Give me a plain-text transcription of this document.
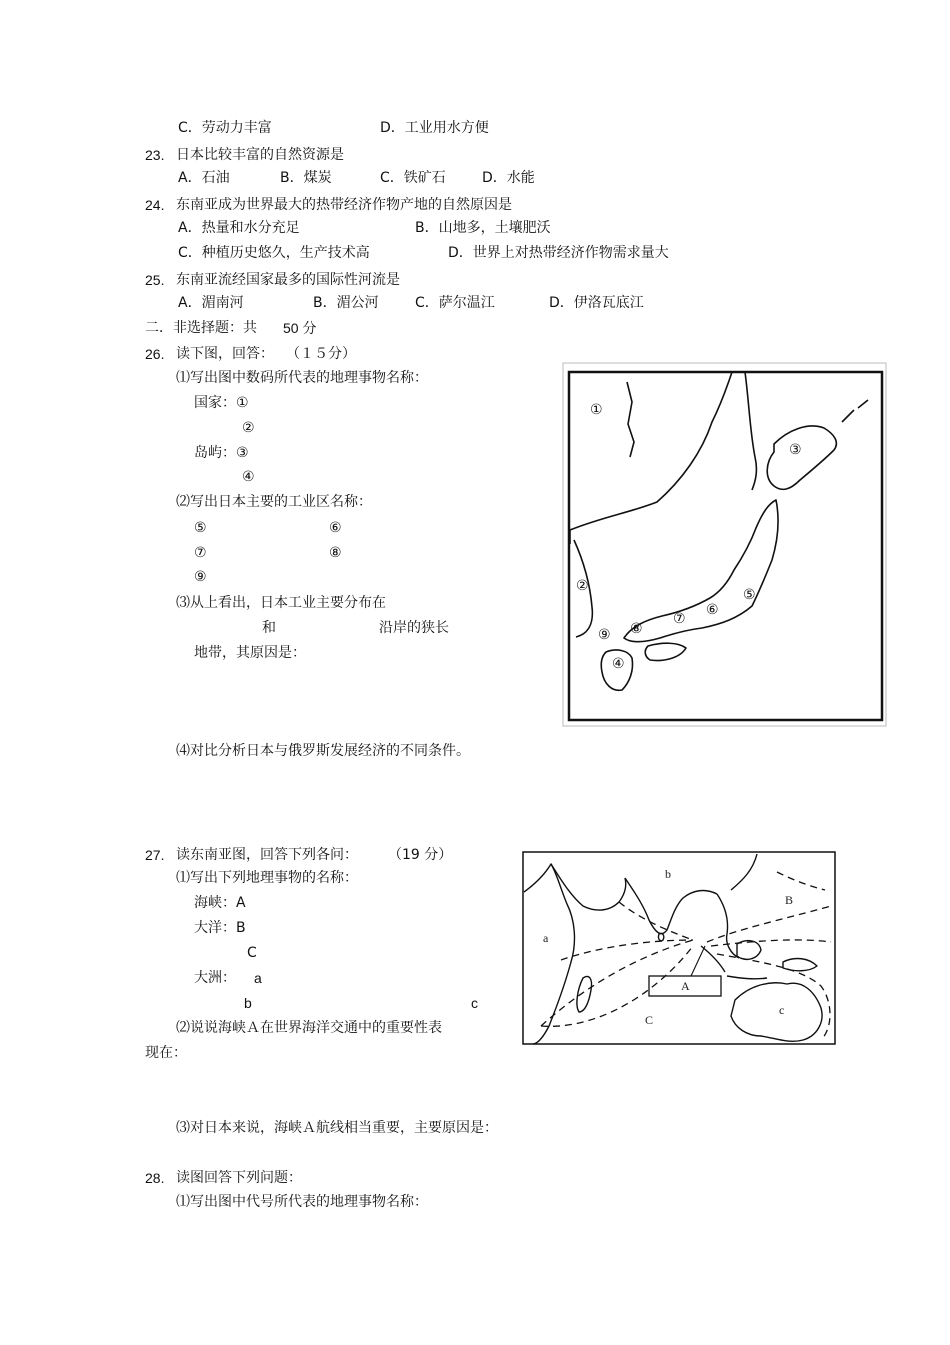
C．劳动力丰富	D．工业用水方便
23. 日本比较丰富的自然资源是
A．石油	B．煤炭	C．铁矿石	D．水能
24. 东南亚成为世界最大的热带经济作物产地的自然原因是
A．热量和水分充足	B．山地多，土壤肥沃
C．种植历史悠久，生产技术高	D．世界上对热带经济作物需求量大
25. 东南亚流经国家最多的国际性河流是
A．湄南河	B．湄公河	C．萨尔温江	D．伊洛瓦底江
二．非选择题：共 50 分
26. 读下图，回答： （１５分）
⑴写出图中数码所代表的地理事物名称：
国家：①
②
岛屿：③
④
⑵写出日本主要的工业区名称：
⑤	⑥
⑦	⑧
⑨
⑶从上看出，日本工业主要分布在
和	沿岸的狭长
地带，其原因是：
⑷对比分析日本与俄罗斯发展经济的不同条件。
①
②
③
④
⑤
⑥
⑦
⑧
⑨
27. 读东南亚图，回答下列各问： （19 分）
⑴写出下列地理事物的名称：
海峡：A
大洋：B
C
大洲： a
b	c
⑵说说海峡Ａ在世界海洋交通中的重要性表
现在：
⑶对日本来说，海峡Ａ航线相当重要，主要原因是：
b
a
B
A
C
c
28. 读图回答下列问题：
⑴写出图中代号所代表的地理事物名称：
